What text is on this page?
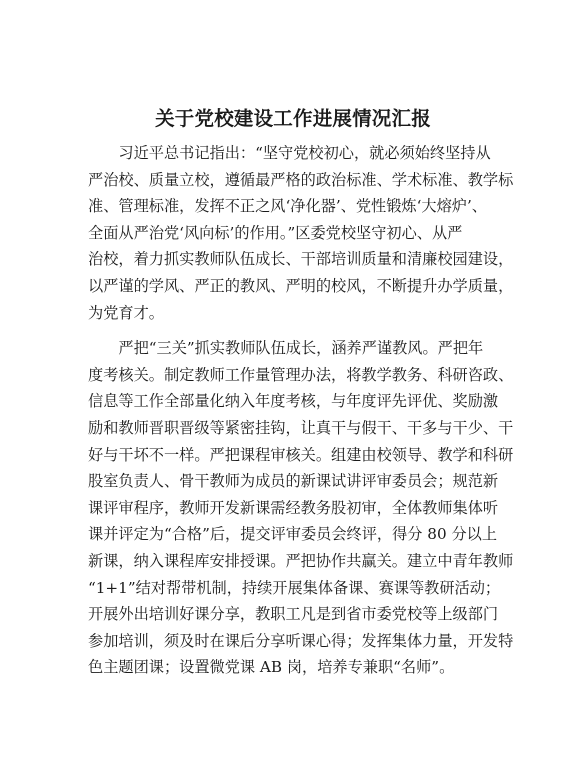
关于党校建设工作进展情况汇报
　　习近平总书记指出：“坚守党校初心，就必须始终坚持从
严治校、质量立校，遵循最严格的政治标准、学术标准、教学标
准、管理标准，发挥不正之风‘净化器’、党性锻炼‘大熔炉’、
全面从严治党‘风向标’的作用。”区委党校坚守初心、从严
治校，着力抓实教师队伍成长、干部培训质量和清廉校园建设，
以严谨的学风、严正的教风、严明的校风，不断提升办学质量，
为党育才。
　　严把“三关”抓实教师队伍成长，涵养严谨教风。严把年
度考核关。制定教师工作量管理办法，将教学教务、科研咨政、
信息等工作全部量化纳入年度考核，与年度评先评优、奖励激
励和教师晋职晋级等紧密挂钩，让真干与假干、干多与干少、干
好与干坏不一样。严把课程审核关。组建由校领导、教学和科研
股室负责人、骨干教师为成员的新课试讲评审委员会；规范新
课评审程序，教师开发新课需经教务股初审，全体教师集体听
课并评定为“合格”后，提交评审委员会终评，得分 80 分以上
新课，纳入课程库安排授课。严把协作共赢关。建立中青年教师
“1+1”结对帮带机制，持续开展集体备课、赛课等教研活动；
开展外出培训好课分享，教职工凡是到省市委党校等上级部门
参加培训，须及时在课后分享听课心得；发挥集体力量，开发特
色主题团课；设置微党课 AB 岗，培养专兼职“名师”。
